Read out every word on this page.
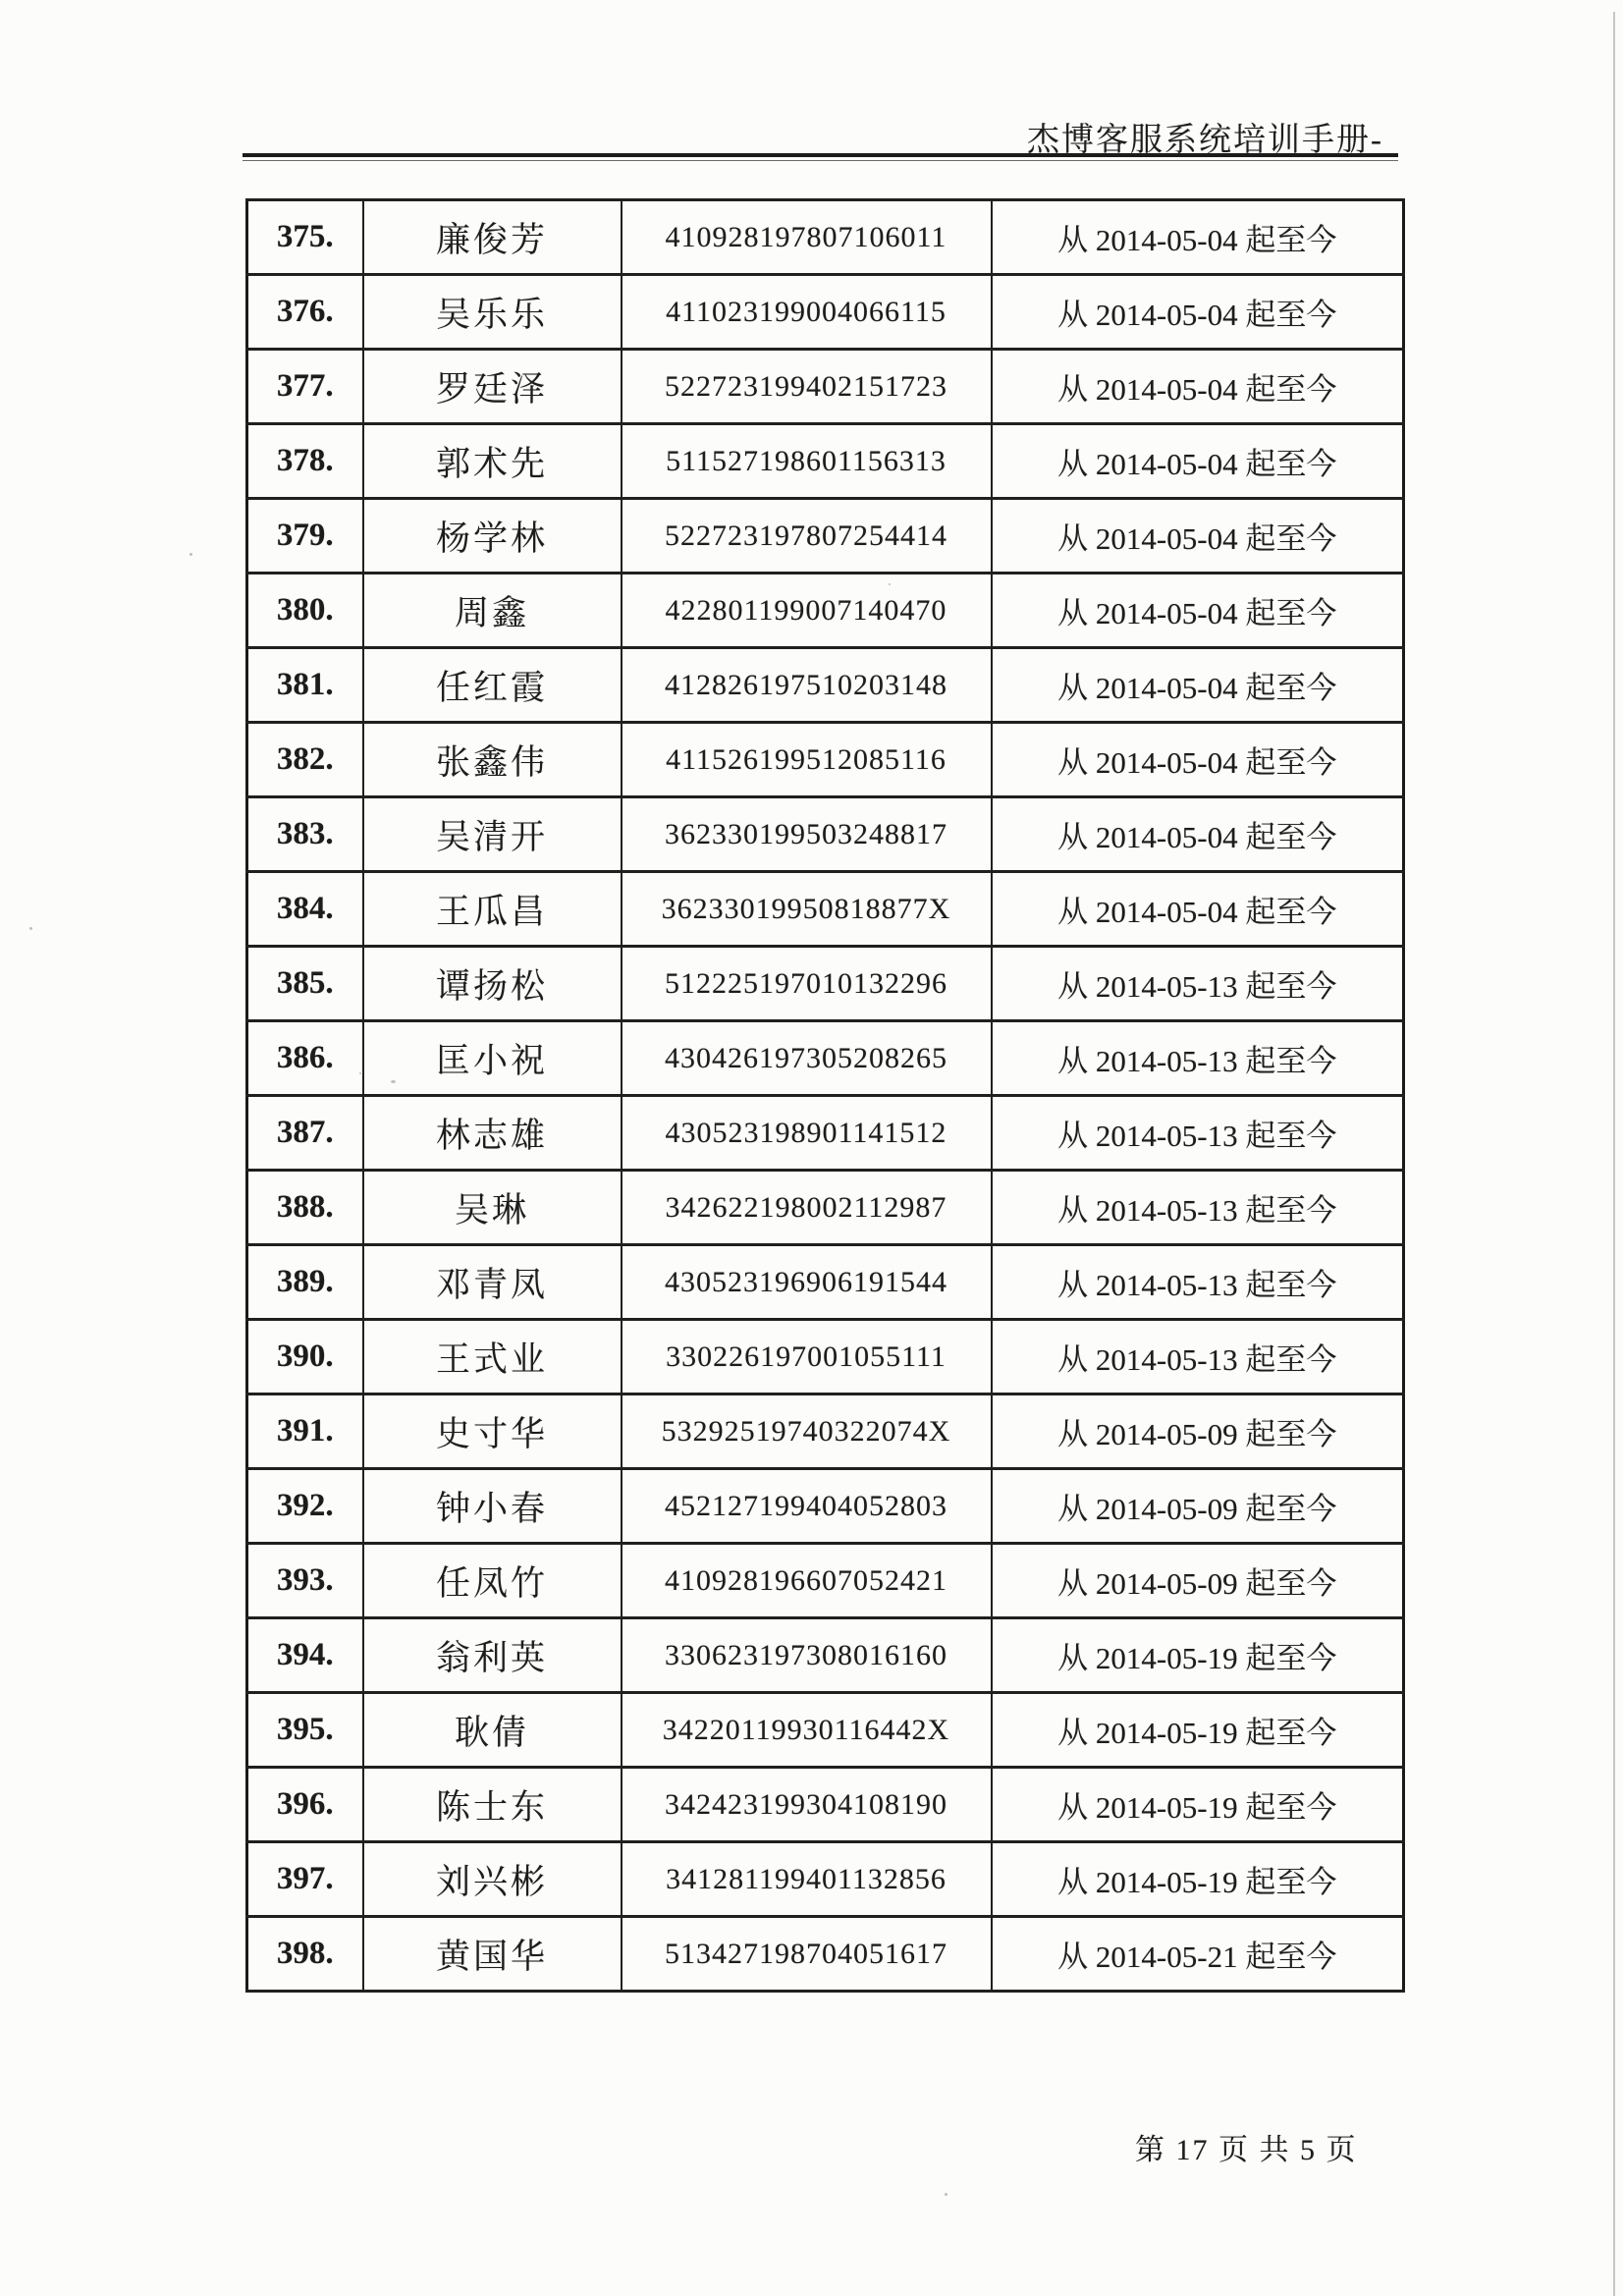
杰博客服系统培训手册-
375.	廉俊芳	410928197807106011	从 2014-05-04 起至今
376.	吴乐乐	411023199004066115	从 2014-05-04 起至今
377.	罗廷泽	522723199402151723	从 2014-05-04 起至今
378.	郭术先	511527198601156313	从 2014-05-04 起至今
379.	杨学林	522723197807254414	从 2014-05-04 起至今
380.	周鑫	422801199007140470	从 2014-05-04 起至今
381.	任红霞	412826197510203148	从 2014-05-04 起至今
382.	张鑫伟	411526199512085116	从 2014-05-04 起至今
383.	吴清开	362330199503248817	从 2014-05-04 起至今
384.	王瓜昌	36233019950818877X	从 2014-05-04 起至今
385.	谭扬松	512225197010132296	从 2014-05-13 起至今
386.	匡小祝	430426197305208265	从 2014-05-13 起至今
387.	林志雄	430523198901141512	从 2014-05-13 起至今
388.	吴琳	342622198002112987	从 2014-05-13 起至今
389.	邓青凤	430523196906191544	从 2014-05-13 起至今
390.	王式业	330226197001055111	从 2014-05-13 起至今
391.	史寸华	53292519740322074X	从 2014-05-09 起至今
392.	钟小春	452127199404052803	从 2014-05-09 起至今
393.	任凤竹	410928196607052421	从 2014-05-09 起至今
394.	翁利英	330623197308016160	从 2014-05-19 起至今
395.	耿倩	34220119930116442X	从 2014-05-19 起至今
396.	陈士东	342423199304108190	从 2014-05-19 起至今
397.	刘兴彬	341281199401132856	从 2014-05-19 起至今
398.	黄国华	513427198704051617	从 2014-05-21 起至今
第 17 页 共 5 页
